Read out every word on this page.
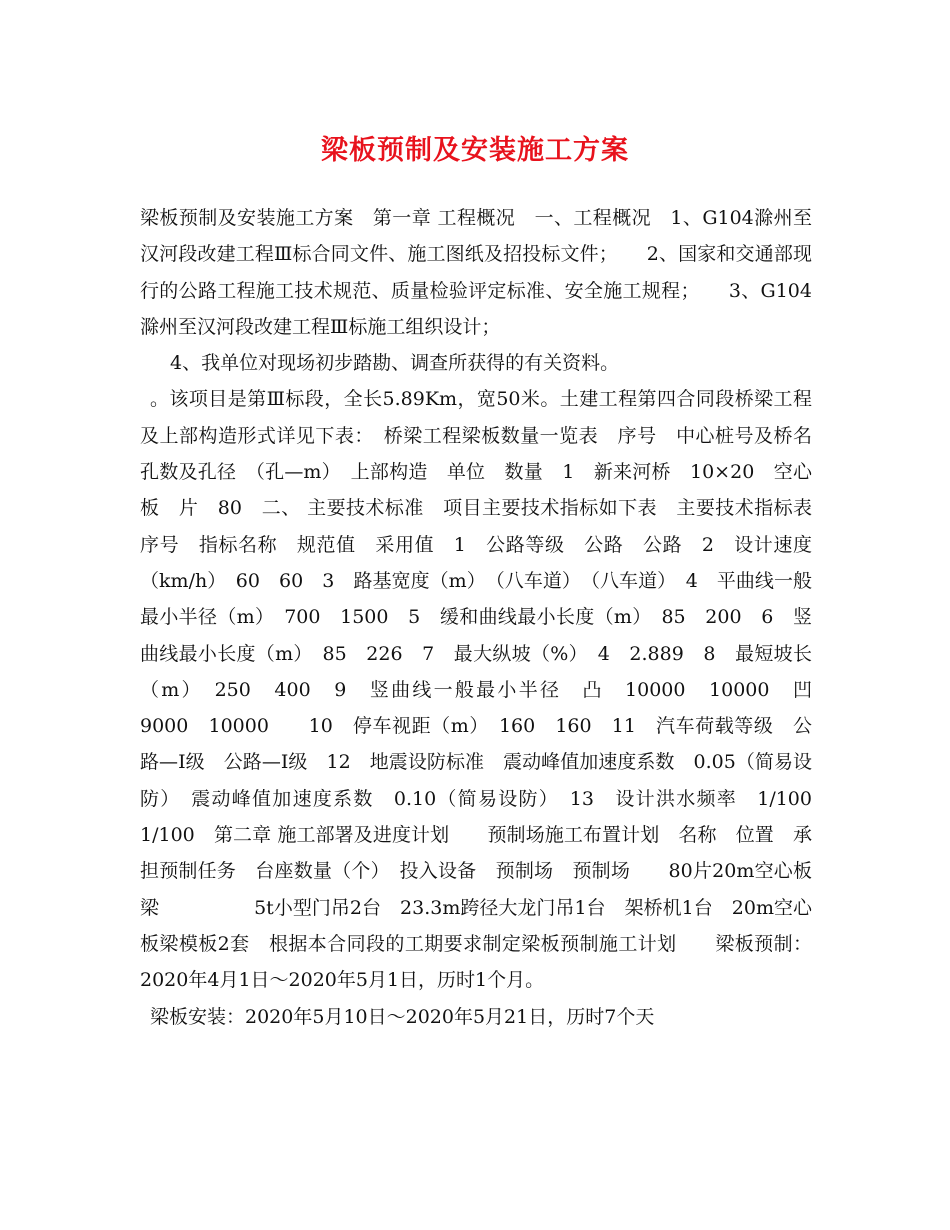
梁板预制及安装施工方案

梁板预制及安装施工方案　第一章 工程概况　一、工程概况　1、G104滁州至汉河段改建工程Ⅲ标合同文件、施工图纸及招投标文件；　　2、国家和交通部现行的公路工程施工技术规范、质量检验评定标准、安全施工规程；　　3、G104滁州至汉河段改建工程Ⅲ标施工组织设计；

4、我单位对现场初步踏勘、调查所获得的有关资料。

。该项目是第Ⅲ标段，全长5.89Km，宽50米。土建工程第四合同段桥梁工程及上部构造形式详见下表：　桥梁工程梁板数量一览表　序号　中心桩号及桥名　孔数及孔径　（孔—m）　上部构造　单位　数量　1　新来河桥　10×20　空心板　片　80　二、 主要技术标准　项目主要技术指标如下表　主要技术指标表　序号　指标名称　规范值　采用值　1　公路等级　公路　公路　2　设计速度（km/h）　60　60　3　路基宽度（m）　（八车道）　（八车道）　4　平曲线一般最小半径（m）　700　1500　5　缓和曲线最小长度（m）　85　200　6　竖曲线最小长度（m）　85　226　7　最大纵坡（%）　4　2.889　8　最短坡长（m）　250　400　9　竖曲线一般最小半径　凸　10000　10000　凹　9000　10000　　10　停车视距（m）　160　160　11　汽车荷载等级　公路—Ⅰ级　公路—Ⅰ级　12　地震设防标准　震动峰值加速度系数　0.05（简易设防）　震动峰值加速度系数　0.10（简易设防）　13　设计洪水频率　1/100　1/100　第二章 施工部署及进度计划　　预制场施工布置计划　名称　位置　承担预制任务　台座数量（个）　投入设备　预制场　预制场　　80片20m空心板梁　　　　　5t小型门吊2台　23.3m跨径大龙门吊1台　架桥机1台　20m空心板梁模板2套　根据本合同段的工期要求制定梁板预制施工计划　　梁板预制：2020年4月1日～2020年5月1日，历时1个月。

梁板安装：2020年5月10日～2020年5月21日，历时7个天
